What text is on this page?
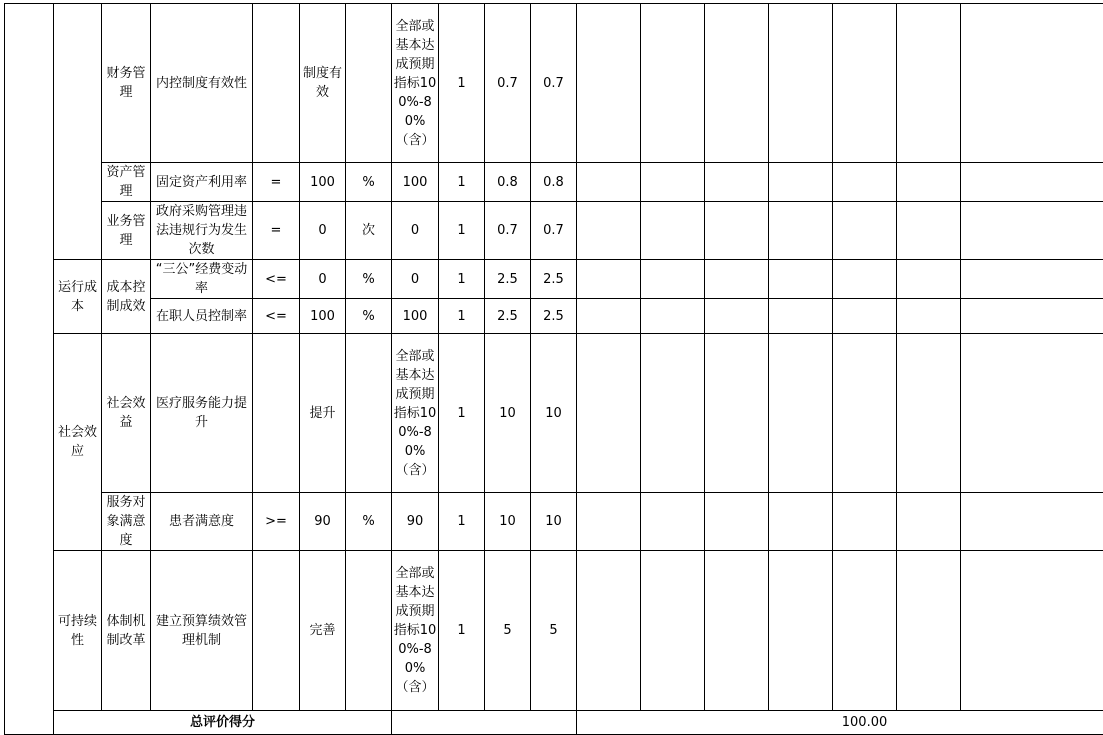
		财务管理	内控制度有效性		制度有效		全部或基本达成预期指标100%-80%（含）	1	0.7	0.7							
		资产管理	固定资产利用率	=	100	%	100	1	0.8	0.8							
		业务管理	政府采购管理违法违规行为发生次数	=	0	次	0	1	0.7	0.7							
	运行成本	成本控制成效	“三公”经费变动率	<=	0	%	0	1	2.5	2.5							
			在职人员控制率	<=	100	%	100	1	2.5	2.5							
	社会效应	社会效益	医疗服务能力提升		提升		全部或基本达成预期指标100%-80%（含）	1	10	10							
		服务对象满意度	患者满意度	>=	90	%	90	1	10	10							
	可持续性	体制机制改革	建立预算绩效管理机制		完善		全部或基本达成预期指标100%-80%（含）	1	5	5							
	总评价得分										100.00						
